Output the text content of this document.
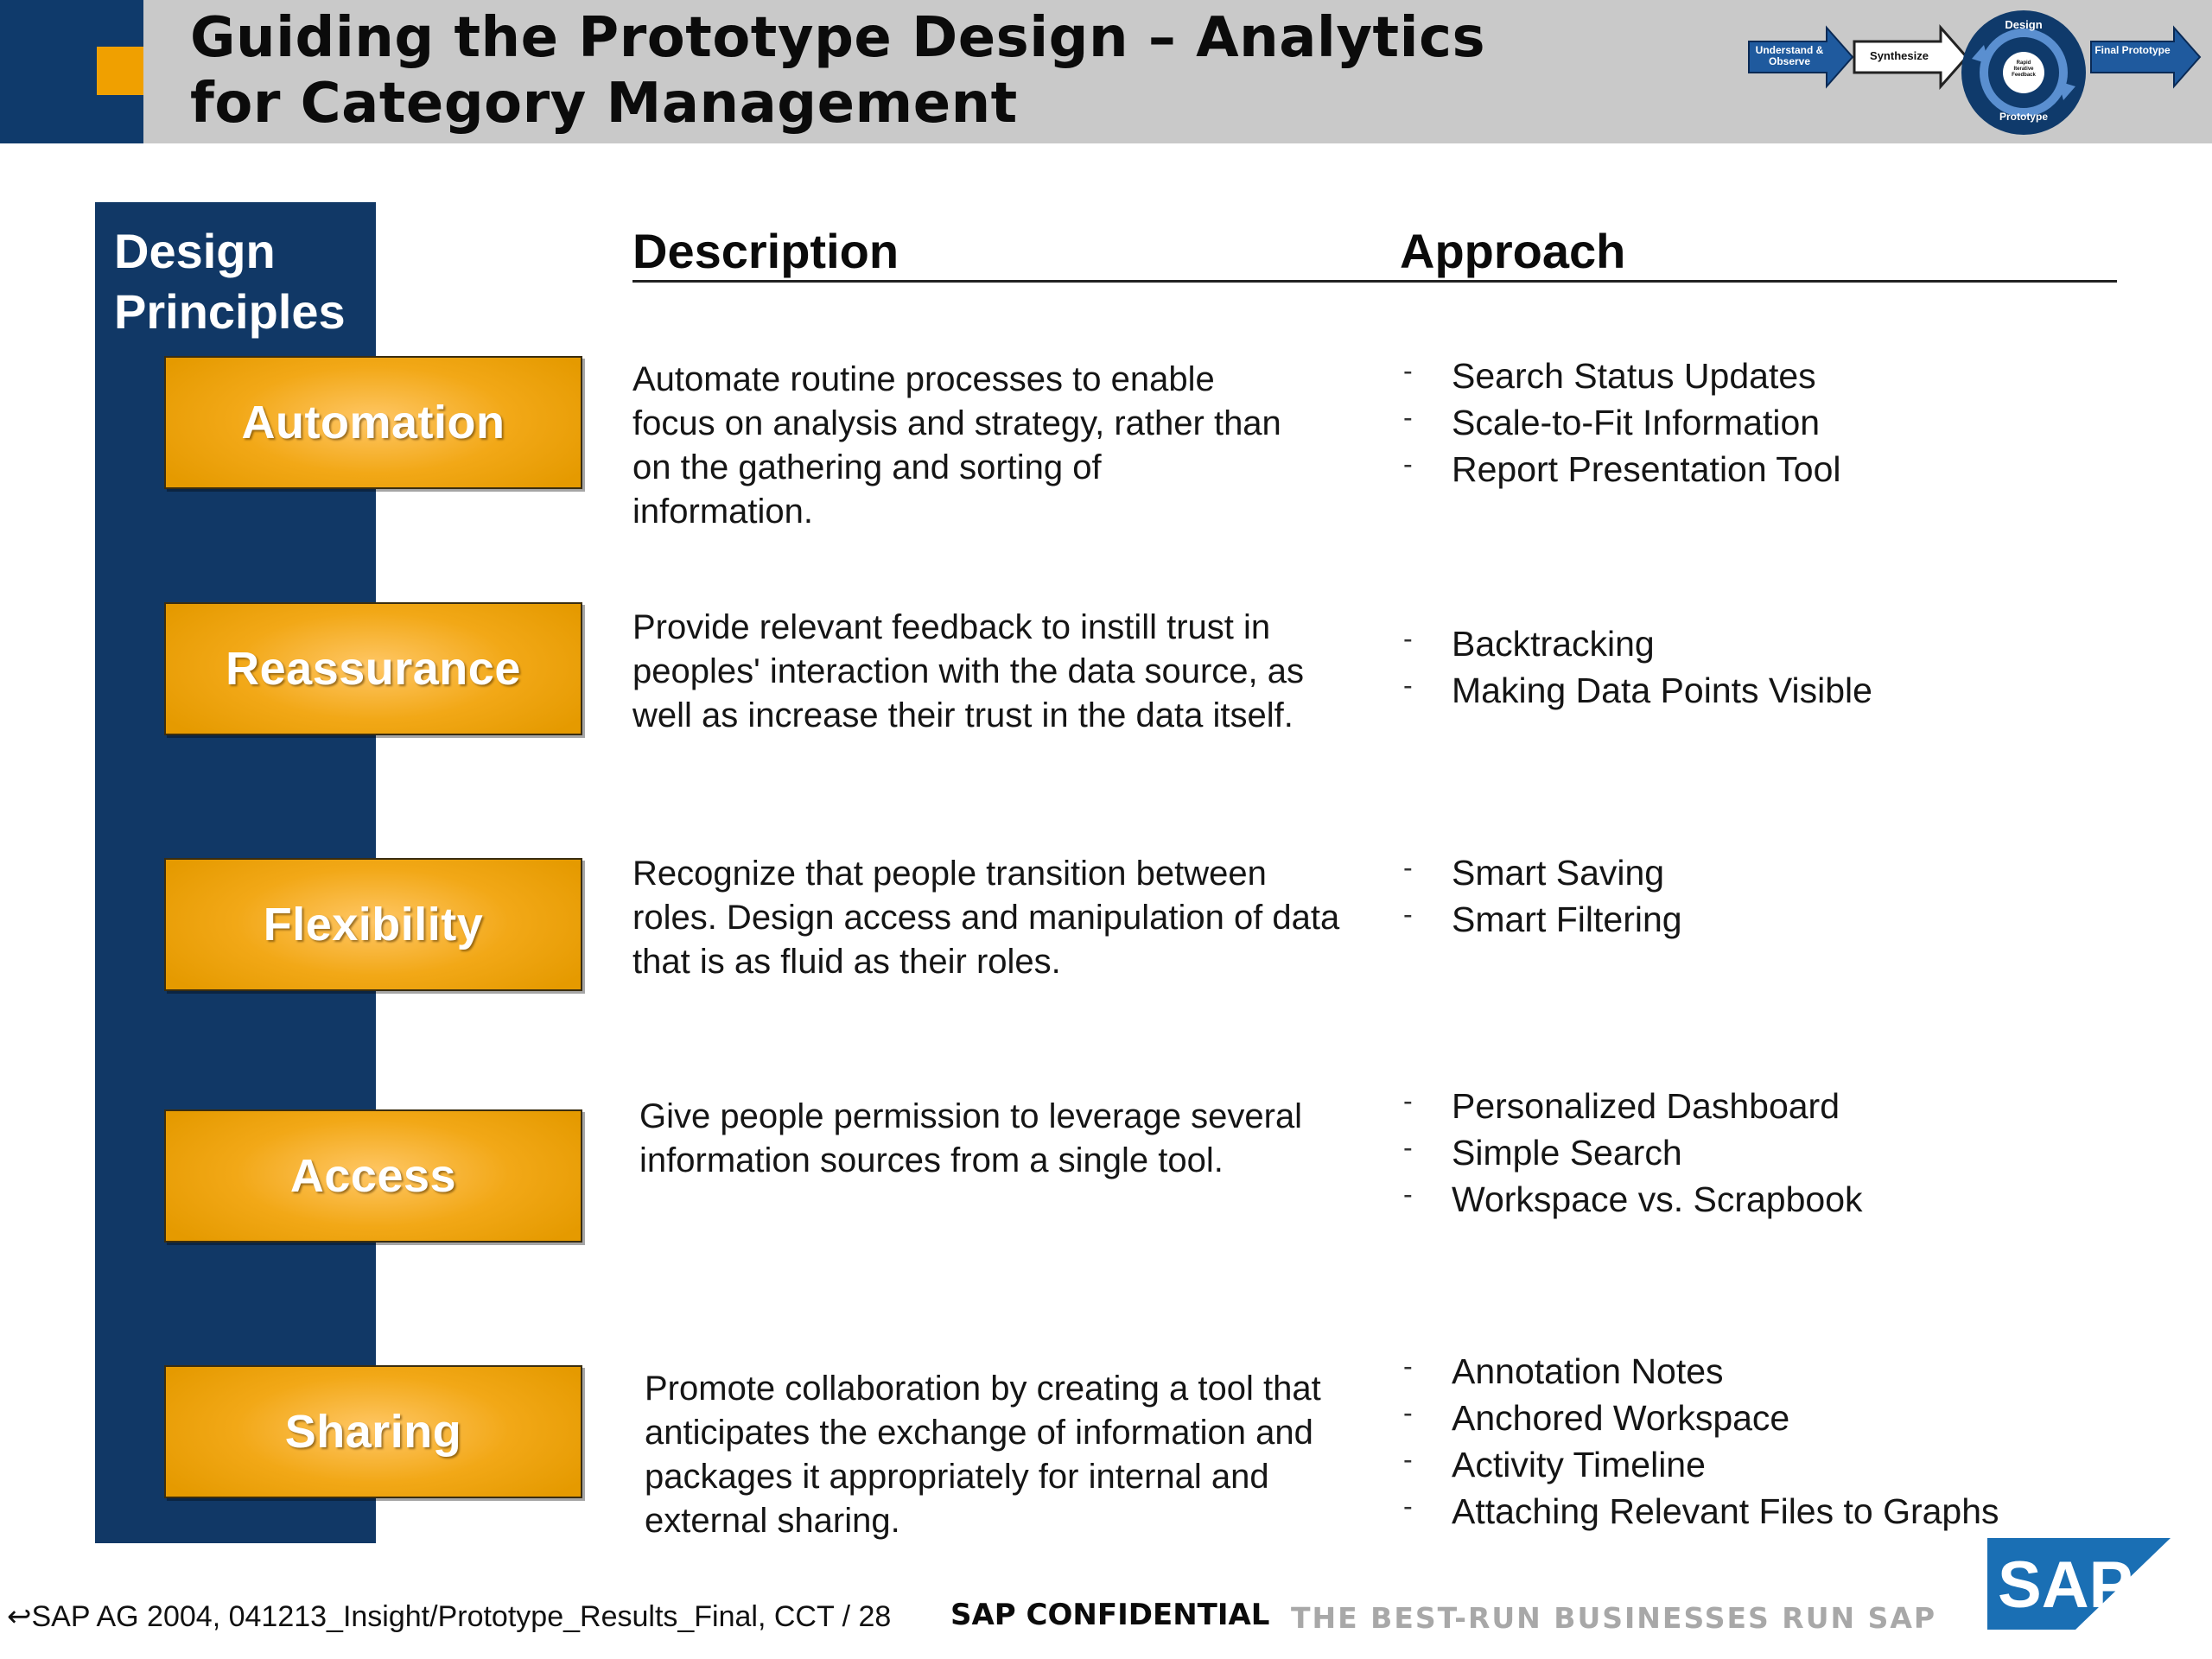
Guiding the Prototype Design – Analytics
for Category Management
Understand & Observe	Synthesize
Design
Rapid Iterative Feedback
Prototype
Final Prototype
Design Principles
Automation
Reassurance
Flexibility
Access
Sharing
Description	Approach
Automate routine processes to enable focus on analysis and strategy, rather than on the gathering and sorting of information.
Provide relevant feedback to instill trust in peoples' interaction with the data source, as well as increase their trust in the data itself.
Recognize that people transition between roles. Design access and manipulation of data that is as fluid as their roles.
Give people permission to leverage several information sources from a single tool.
Promote collaboration by creating a tool that anticipates the exchange of information and packages it appropriately for internal and external sharing.
- Search Status Updates
- Scale-to-Fit Information
- Report Presentation Tool
- Backtracking
- Making Data Points Visible
- Smart Saving
- Smart Filtering
- Personalized Dashboard
- Simple Search
- Workspace vs. Scrapbook
- Annotation Notes
- Anchored Workspace
- Activity Timeline
- Attaching Relevant Files to Graphs
↩SAP AG 2004, 041213_Insight/Prototype_Results_Final, CCT / 28 SAP CONFIDENTIAL THE BEST-RUN BUSINESSES RUN SAP SAP
